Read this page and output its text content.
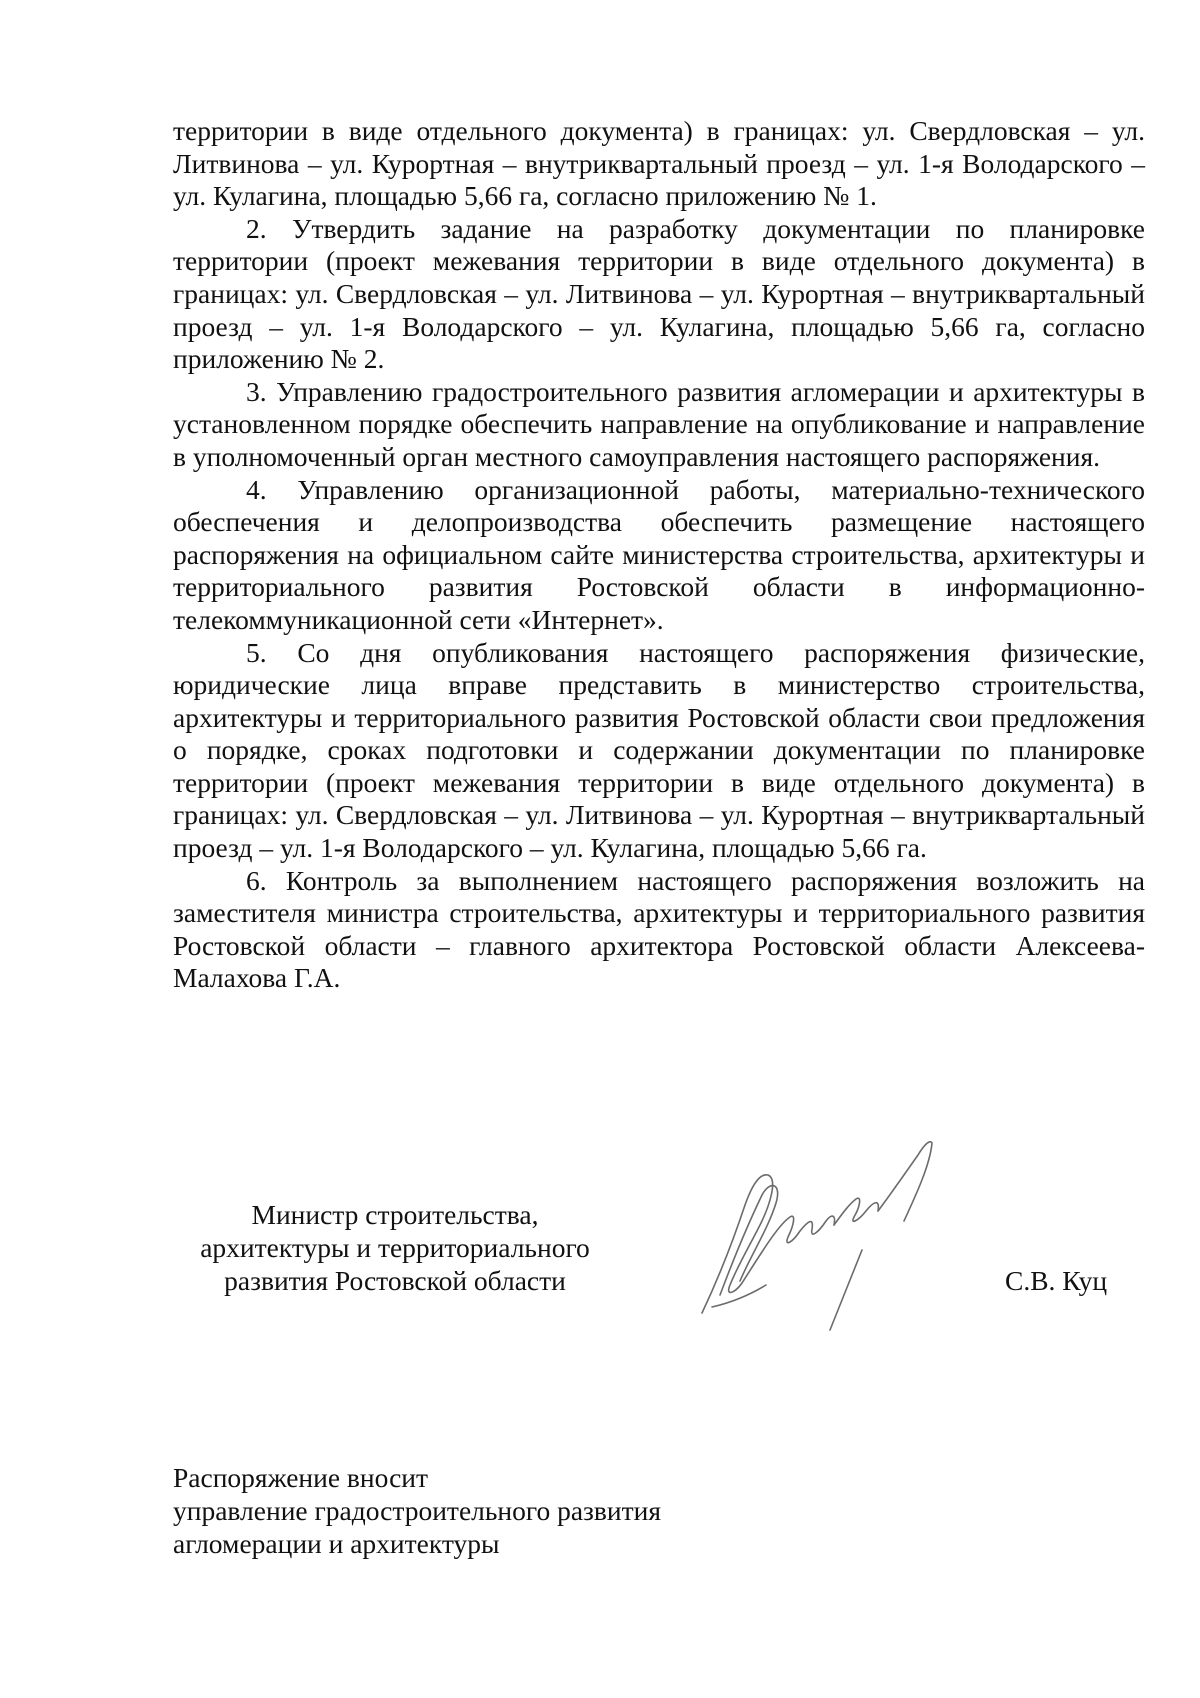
территории в виде отдельного документа) в границах: ул. Свердловская – ул. Литвинова – ул. Курортная – внутриквартальный проезд – ул. 1-я Володарского – ул. Кулагина, площадью 5,66 га, согласно приложению № 1.

2. Утвердить задание на разработку документации по планировке территории (проект межевания территории в виде отдельного документа) в границах: ул. Свердловская – ул. Литвинова – ул. Курортная – внутриквартальный проезд – ул. 1-я Володарского – ул. Кулагина, площадью 5,66 га, согласно приложению № 2.

3. Управлению градостроительного развития агломерации и архитектуры в установленном порядке обеспечить направление на опубликование и направление в уполномоченный орган местного самоуправления настоящего распоряжения.

4. Управлению организационной работы, материально-технического обеспечения и делопроизводства обеспечить размещение настоящего распоряжения на официальном сайте министерства строительства, архитектуры и территориального развития Ростовской области в информационно-телекоммуникационной сети «Интернет».

5. Со дня опубликования настоящего распоряжения физические, юридические лица вправе представить в министерство строительства, архитектуры и территориального развития Ростовской области свои предложения о порядке, сроках подготовки и содержании документации по планировке территории (проект межевания территории в виде отдельного документа) в границах: ул. Свердловская – ул. Литвинова – ул. Курортная – внутриквартальный проезд – ул. 1-я Володарского – ул. Кулагина, площадью 5,66 га.

6. Контроль за выполнением настоящего распоряжения возложить на заместителя министра строительства, архитектуры и территориального развития Ростовской области – главного архитектора Ростовской области Алексеева-Малахова Г.А.

Министр строительства,
архитектуры и территориального
развития Ростовской области	С.В. Куц
Распоряжение вносит
управление градостроительного развития
агломерации и архитектуры
